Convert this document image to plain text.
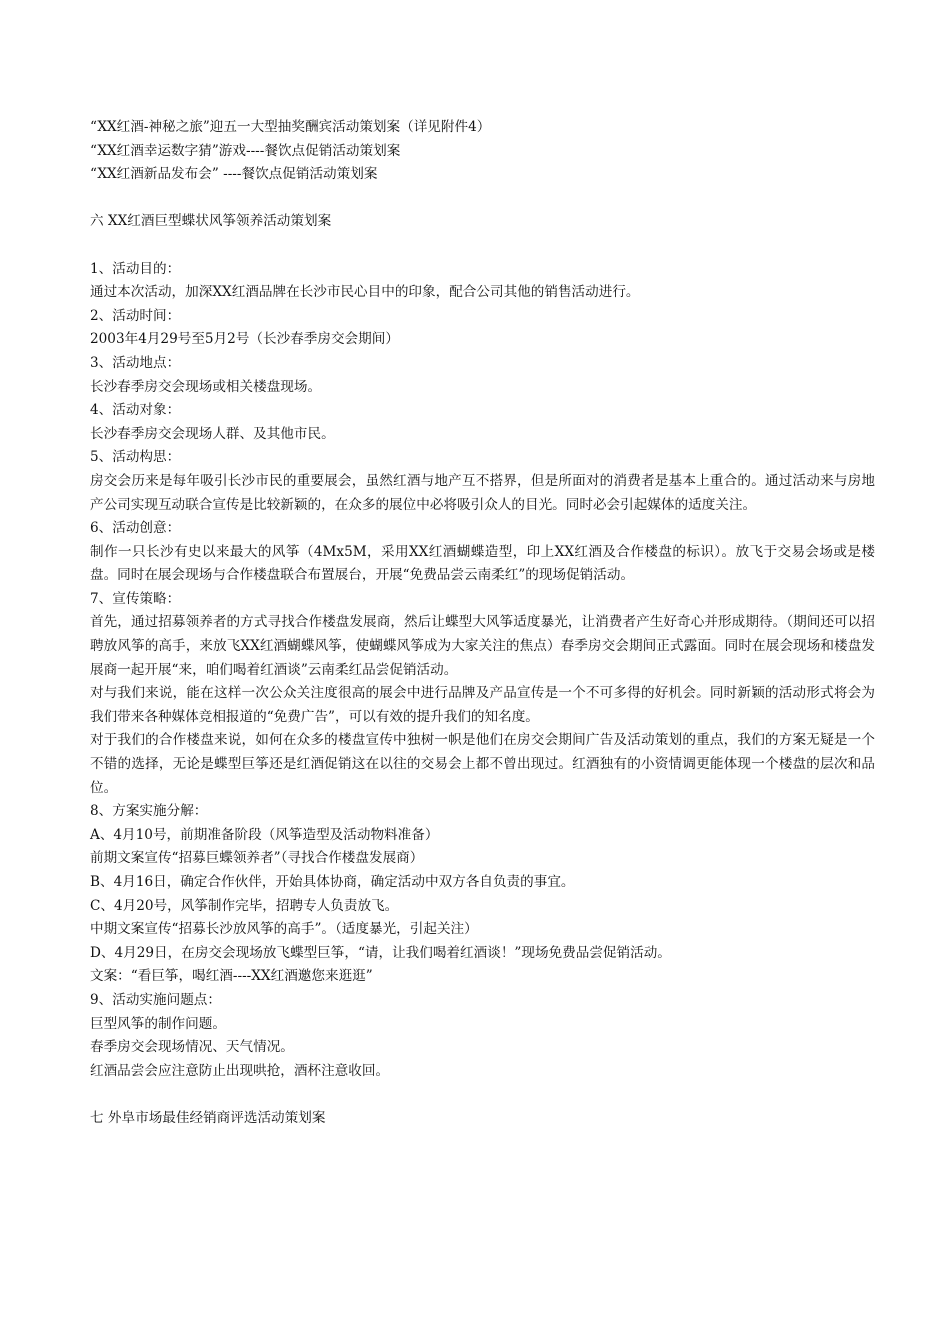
“XX红酒-神秘之旅”迎五一大型抽奖酬宾活动策划案（详见附件4）
“XX红酒幸运数字猜”游戏----餐饮点促销活动策划案
“XX红酒新品发布会” ----餐饮点促销活动策划案
六 XX红酒巨型蝶状风筝领养活动策划案
1、活动目的：

通过本次活动，加深XX红酒品牌在长沙市民心目中的印象，配合公司其他的销售活动进行。

2、活动时间：

2003年4月29号至5月2号（长沙春季房交会期间）

3、活动地点：

长沙春季房交会现场或相关楼盘现场。

4、活动对象：

长沙春季房交会现场人群、及其他市民。

5、活动构思：

房交会历来是每年吸引长沙市民的重要展会，虽然红酒与地产互不搭界，但是所面对的消费者是基本上重合的。通过活动来与房地产公司实现互动联合宣传是比较新颖的，在众多的展位中必将吸引众人的目光。同时必会引起媒体的适度关注。

6、活动创意：

制作一只长沙有史以来最大的风筝（4Mx5M，采用XX红酒蝴蝶造型，印上XX红酒及合作楼盘的标识）。放飞于交易会场或是楼盘。同时在展会现场与合作楼盘联合布置展台，开展“免费品尝云南柔红”的现场促销活动。

7、宣传策略：

首先，通过招募领养者的方式寻找合作楼盘发展商，然后让蝶型大风筝适度暴光，让消费者产生好奇心并形成期待。（期间还可以招聘放风筝的高手，来放飞XX红酒蝴蝶风筝，使蝴蝶风筝成为大家关注的焦点）春季房交会期间正式露面。同时在展会现场和楼盘发展商一起开展“来，咱们喝着红酒谈”云南柔红品尝促销活动。

对与我们来说，能在这样一次公众关注度很高的展会中进行品牌及产品宣传是一个不可多得的好机会。同时新颖的活动形式将会为我们带来各种媒体竞相报道的“免费广告”，可以有效的提升我们的知名度。

对于我们的合作楼盘来说，如何在众多的楼盘宣传中独树一帜是他们在房交会期间广告及活动策划的重点，我们的方案无疑是一个不错的选择，无论是蝶型巨筝还是红酒促销这在以往的交易会上都不曾出现过。红酒独有的小资情调更能体现一个楼盘的层次和品位。

8、方案实施分解：
A、4月10号，前期准备阶段（风筝造型及活动物料准备）
前期文案宣传“招募巨蝶领养者”（寻找合作楼盘发展商）
B、4月16日，确定合作伙伴，开始具体协商，确定活动中双方各自负责的事宜。
C、4月20号，风筝制作完毕，招聘专人负责放飞。
中期文案宣传“招募长沙放风筝的高手”。（适度暴光，引起关注）
D、4月29日，在房交会现场放飞蝶型巨筝，“请，让我们喝着红酒谈！”现场免费品尝促销活动。
文案：“看巨筝，喝红酒----XX红酒邀您来逛逛”
9、活动实施问题点：
巨型风筝的制作问题。
春季房交会现场情况、天气情况。
红酒品尝会应注意防止出现哄抢，酒杯注意收回。
七 外阜市场最佳经销商评选活动策划案
